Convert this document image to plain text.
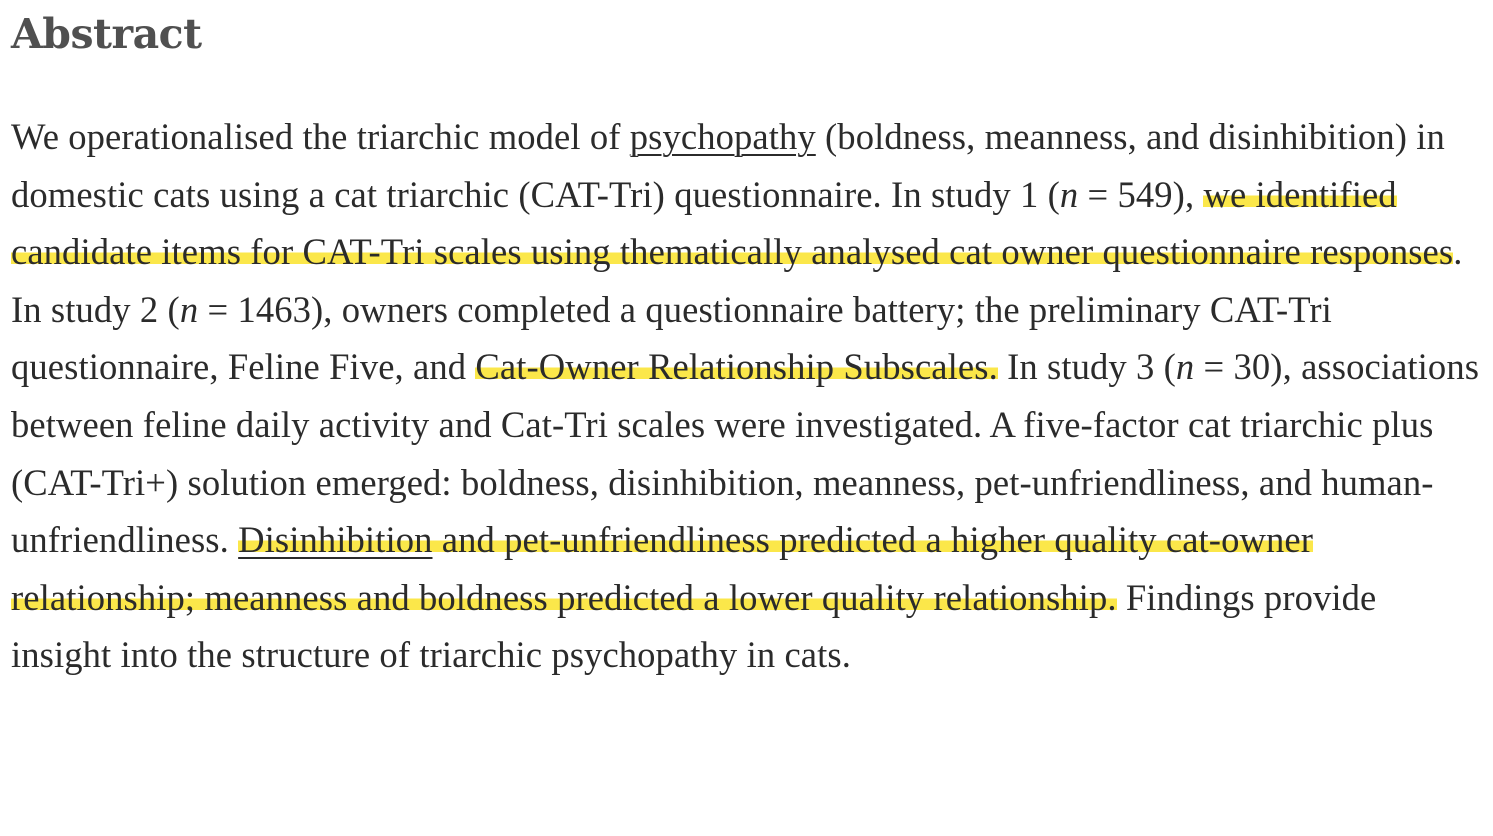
Abstract

We operationalised the triarchic model of psychopathy (boldness, meanness, and disinhibition) in domestic cats using a cat triarchic (CAT-Tri) questionnaire. In study 1 (n = 549), we identified candidate items for CAT-Tri scales using thematically analysed cat owner questionnaire responses. In study 2 (n = 1463), owners completed a questionnaire battery; the preliminary CAT-Tri questionnaire, Feline Five, and Cat-Owner Relationship Subscales. In study 3 (n = 30), associations between feline daily activity and Cat-Tri scales were investigated. A five-factor cat triarchic plus (CAT-Tri+) solution emerged: boldness, disinhibition, meanness, pet-unfriendliness, and human-unfriendliness. Disinhibition and pet-unfriendliness predicted a higher quality cat-owner relationship; meanness and boldness predicted a lower quality relationship. Findings provide insight into the structure of triarchic psychopathy in cats.
